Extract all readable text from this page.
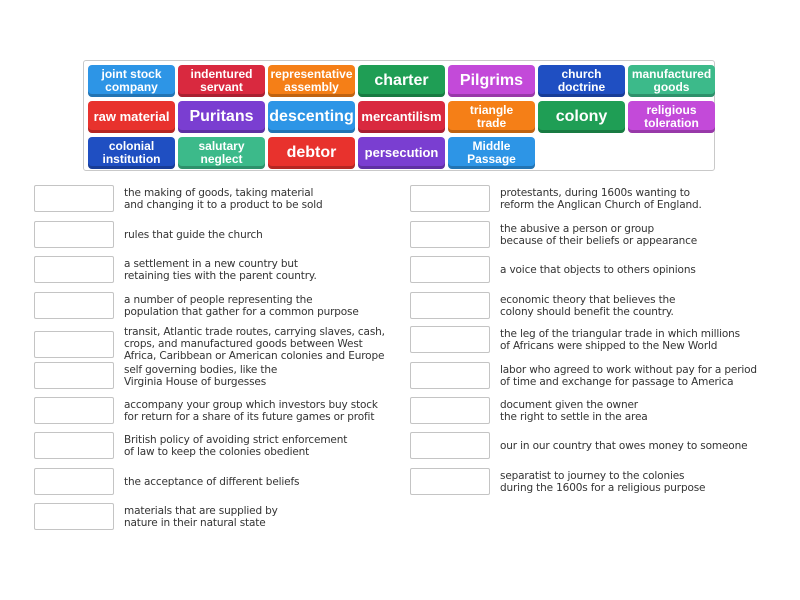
joint stock
company
indentured
servant
representative
assembly	charter Pilgrims	church
doctrine
manufactured
goods
raw material Puritans descenting mercantilism triangle
trade	colony	religious
toleration
colonial
institution
salutary
neglect	debtor persecution	Middle
Passage
the making of goods, taking material
and changing it to a product to be sold
rules that guide the church
a settlement in a new country but
retaining ties with the parent country.
a number of people representing the
population that gather for a common purpose
transit, Atlantic trade routes, carrying slaves, cash,
crops, and manufactured goods between West
Africa, Caribbean or American colonies and Europe
self governing bodies, like the
Virginia House of burgesses
accompany your group which investors buy stock
for return for a share of its future games or profit
British policy of avoiding strict enforcement
of law to keep the colonies obedient
the acceptance of different beliefs
materials that are supplied by
nature in their natural state
protestants, during 1600s wanting to
reform the Anglican Church of England.
the abusive a person or group
because of their beliefs or appearance
a voice that objects to others opinions
economic theory that believes the
colony should benefit the country.
the leg of the triangular trade in which millions
of Africans were shipped to the New World
labor who agreed to work without pay for a period
of time and exchange for passage to America
document given the owner
the right to settle in the area
our in our country that owes money to someone
separatist to journey to the colonies
during the 1600s for a religious purpose
